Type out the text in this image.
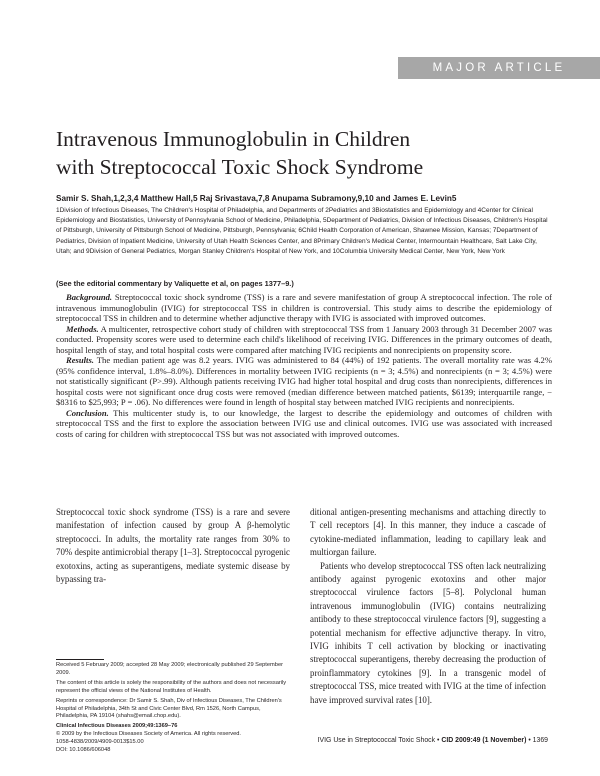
MAJOR ARTICLE
Intravenous Immunoglobulin in Children
with Streptococcal Toxic Shock Syndrome

Samir S. Shah,1,2,3,4 Matthew Hall,5 Raj Srivastava,7,8 Anupama Subramony,9,10 and James E. Levin5

1Division of Infectious Diseases, The Children's Hospital of Philadelphia, and Departments of 2Pediatrics and 3Biostatistics and Epidemiology and 4Center for Clinical Epidemiology and Biostatistics, University of Pennsylvania School of Medicine, Philadelphia, 5Department of Pediatrics, Division of Infectious Diseases, Children's Hospital of Pittsburgh, University of Pittsburgh School of Medicine, Pittsburgh, Pennsylvania; 6Child Health Corporation of American, Shawnee Mission, Kansas; 7Department of Pediatrics, Division of Inpatient Medicine, University of Utah Health Sciences Center, and 8Primary Children's Medical Center, Intermountain Healthcare, Salt Lake City, Utah; and 9Division of General Pediatrics, Morgan Stanley Children's Hospital of New York, and 10Columbia University Medical Center, New York, New York

(See the editorial commentary by Valiquette et al, on pages 1377–9.)

Background. Streptococcal toxic shock syndrome (TSS) is a rare and severe manifestation of group A streptococcal infection. The role of intravenous immunoglobulin (IVIG) for streptococcal TSS in children is controversial. This study aims to describe the epidemiology of streptococcal TSS in children and to determine whether adjunctive therapy with IVIG is associated with improved outcomes.

Methods. A multicenter, retrospective cohort study of children with streptococcal TSS from 1 January 2003 through 31 December 2007 was conducted. Propensity scores were used to determine each child's likelihood of receiving IVIG. Differences in the primary outcomes of death, hospital length of stay, and total hospital costs were compared after matching IVIG recipients and nonrecipients on propensity score.

Results. The median patient age was 8.2 years. IVIG was administered to 84 (44%) of 192 patients. The overall mortality rate was 4.2% (95% confidence interval, 1.8%–8.0%). Differences in mortality between IVIG recipients (n = 3; 4.5%) and nonrecipients (n = 3; 4.5%) were not statistically significant (P>.99). Although patients receiving IVIG had higher total hospital and drug costs than nonrecipients, differences in hospital costs were not significant once drug costs were removed (median difference between matched patients, $6139; interquartile range, −$8316 to $25,993; P = .06). No differences were found in length of hospital stay between matched IVIG recipients and nonrecipients.

Conclusion. This multicenter study is, to our knowledge, the largest to describe the epidemiology and outcomes of children with streptococcal TSS and the first to explore the association between IVIG use and clinical outcomes. IVIG use was associated with increased costs of caring for children with streptococcal TSS but was not associated with improved outcomes.

Streptococcal toxic shock syndrome (TSS) is a rare and severe manifestation of infection caused by group A β-hemolytic streptococci. In adults, the mortality rate ranges from 30% to 70% despite antimicrobial therapy [1–3]. Streptococcal pyrogenic exotoxins, acting as superantigens, mediate systemic disease by bypassing tra-

ditional antigen-presenting mechanisms and attaching directly to T cell receptors [4]. In this manner, they induce a cascade of cytokine-mediated inflammation, leading to capillary leak and multiorgan failure.

Patients who develop streptococcal TSS often lack neutralizing antibody against pyrogenic exotoxins and other major streptococcal virulence factors [5–8]. Polyclonal human intravenous immunoglobulin (IVIG) contains neutralizing antibody to these streptococcal virulence factors [9], suggesting a potential mechanism for effective adjunctive therapy. In vitro, IVIG inhibits T cell activation by blocking or inactivating streptococcal superantigens, thereby decreasing the production of proinflammatory cytokines [9]. In a transgenic model of streptococcal TSS, mice treated with IVIG at the time of infection have improved survival rates [10].

Received 5 February 2009; accepted 28 May 2009; electronically published 29 September 2009.

The content of this article is solely the responsibility of the authors and does not necessarily represent the official views of the National Institutes of Health.

Reprints or correspondence: Dr Samir S. Shah, Div of Infectious Diseases, The Children's Hospital of Philadelphia, 34th St and Civic Center Blvd, Rm 1526, North Campus, Philadelphia, PA 19104 (shahs@email.chop.edu).

Clinical Infectious Diseases 2009;49:1369–76
© 2009 by the Infectious Diseases Society of America. All rights reserved.
1058-4838/2009/4909-0013$15.00
DOI: 10.1086/606048
IVIG Use in Streptococcal Toxic Shock • CID 2009:49 (1 November) • 1369
